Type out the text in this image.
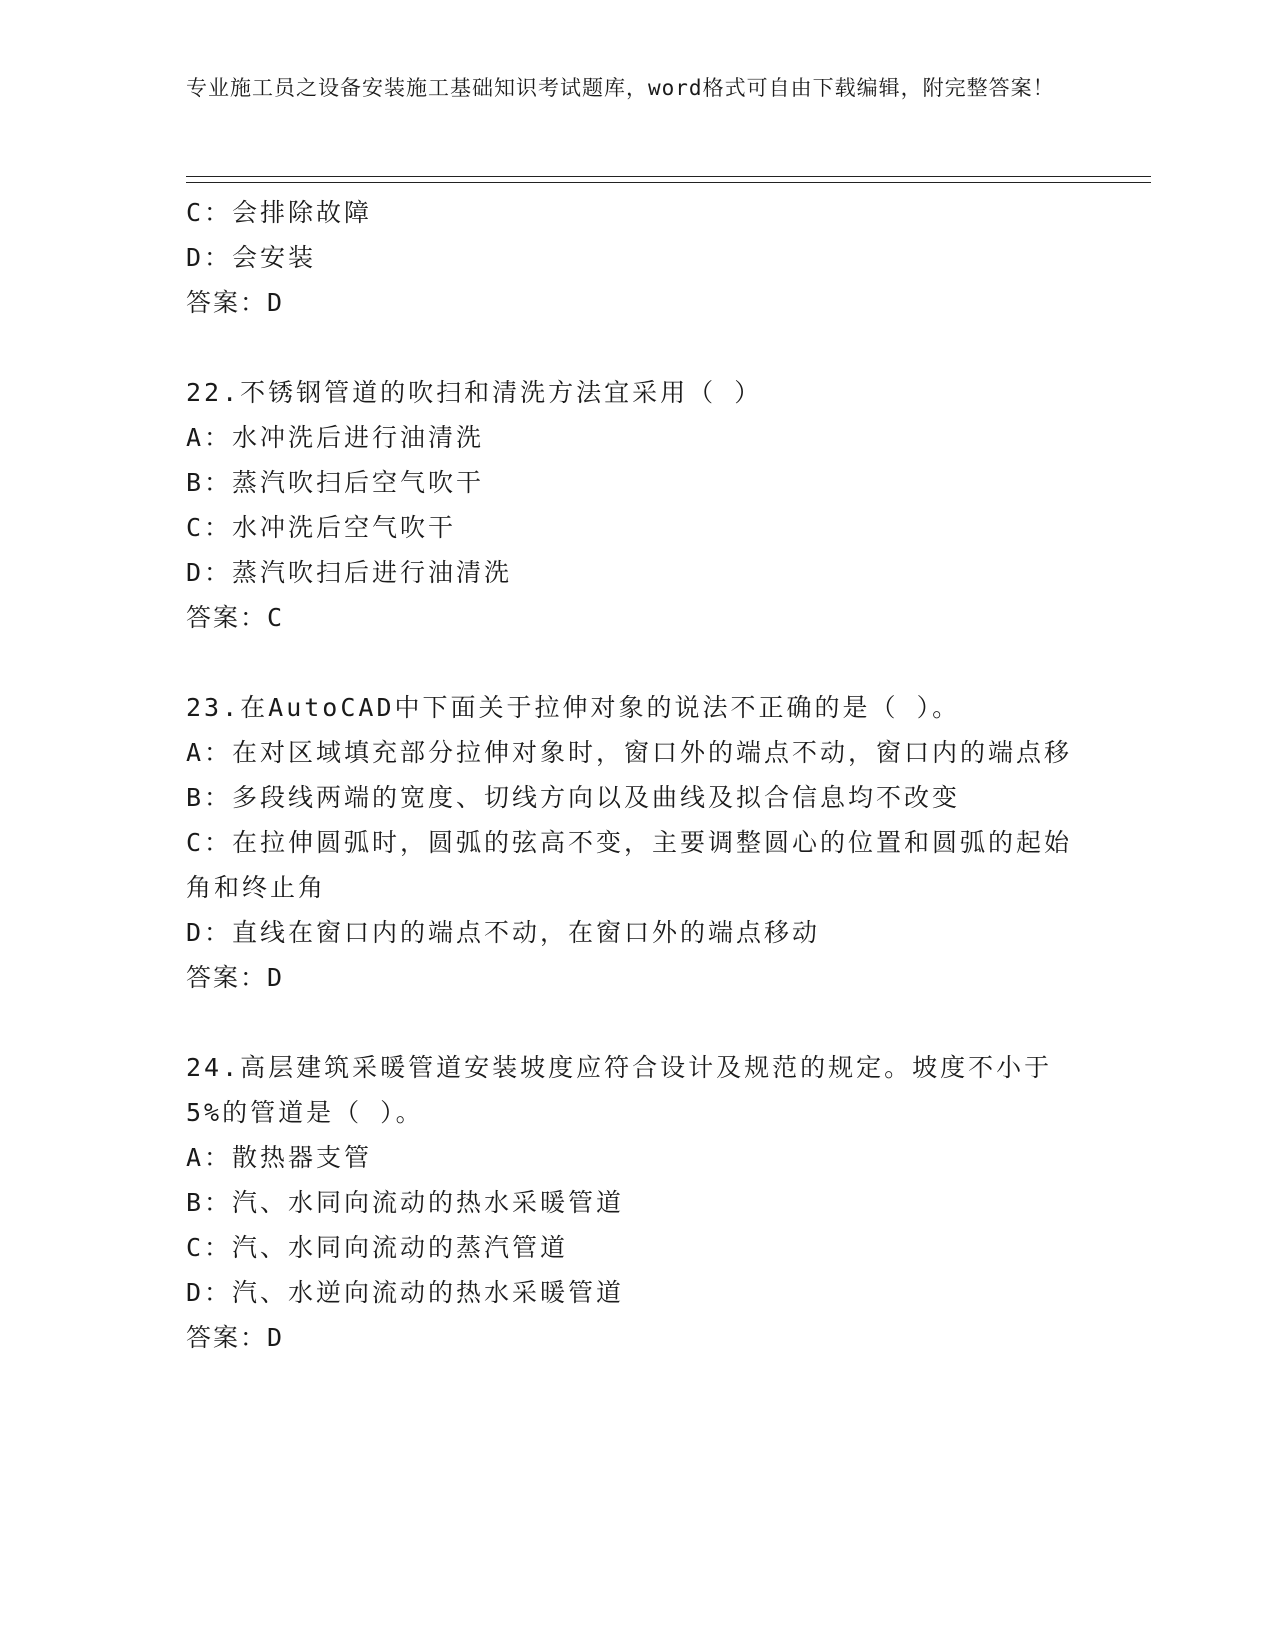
专业施工员之设备安装施工基础知识考试题库，word格式可自由下载编辑，附完整答案！
C：会排除故障
D：会安装
答案：D
22.不锈钢管道的吹扫和清洗方法宜采用（ ）
A：水冲洗后进行油清洗
B：蒸汽吹扫后空气吹干
C：水冲洗后空气吹干
D：蒸汽吹扫后进行油清洗
答案：C
23.在AutoCAD中下面关于拉伸对象的说法不正确的是（ ）。
A：在对区域填充部分拉伸对象时，窗口外的端点不动，窗口内的端点移
B：多段线两端的宽度、切线方向以及曲线及拟合信息均不改变
C：在拉伸圆弧时，圆弧的弦高不变，主要调整圆心的位置和圆弧的起始角和终止角
D：直线在窗口内的端点不动，在窗口外的端点移动
答案：D
24.高层建筑采暖管道安装坡度应符合设计及规范的规定。坡度不小于5%的管道是（ ）。
A：散热器支管
B：汽、水同向流动的热水采暖管道
C：汽、水同向流动的蒸汽管道
D：汽、水逆向流动的热水采暖管道
答案：D
